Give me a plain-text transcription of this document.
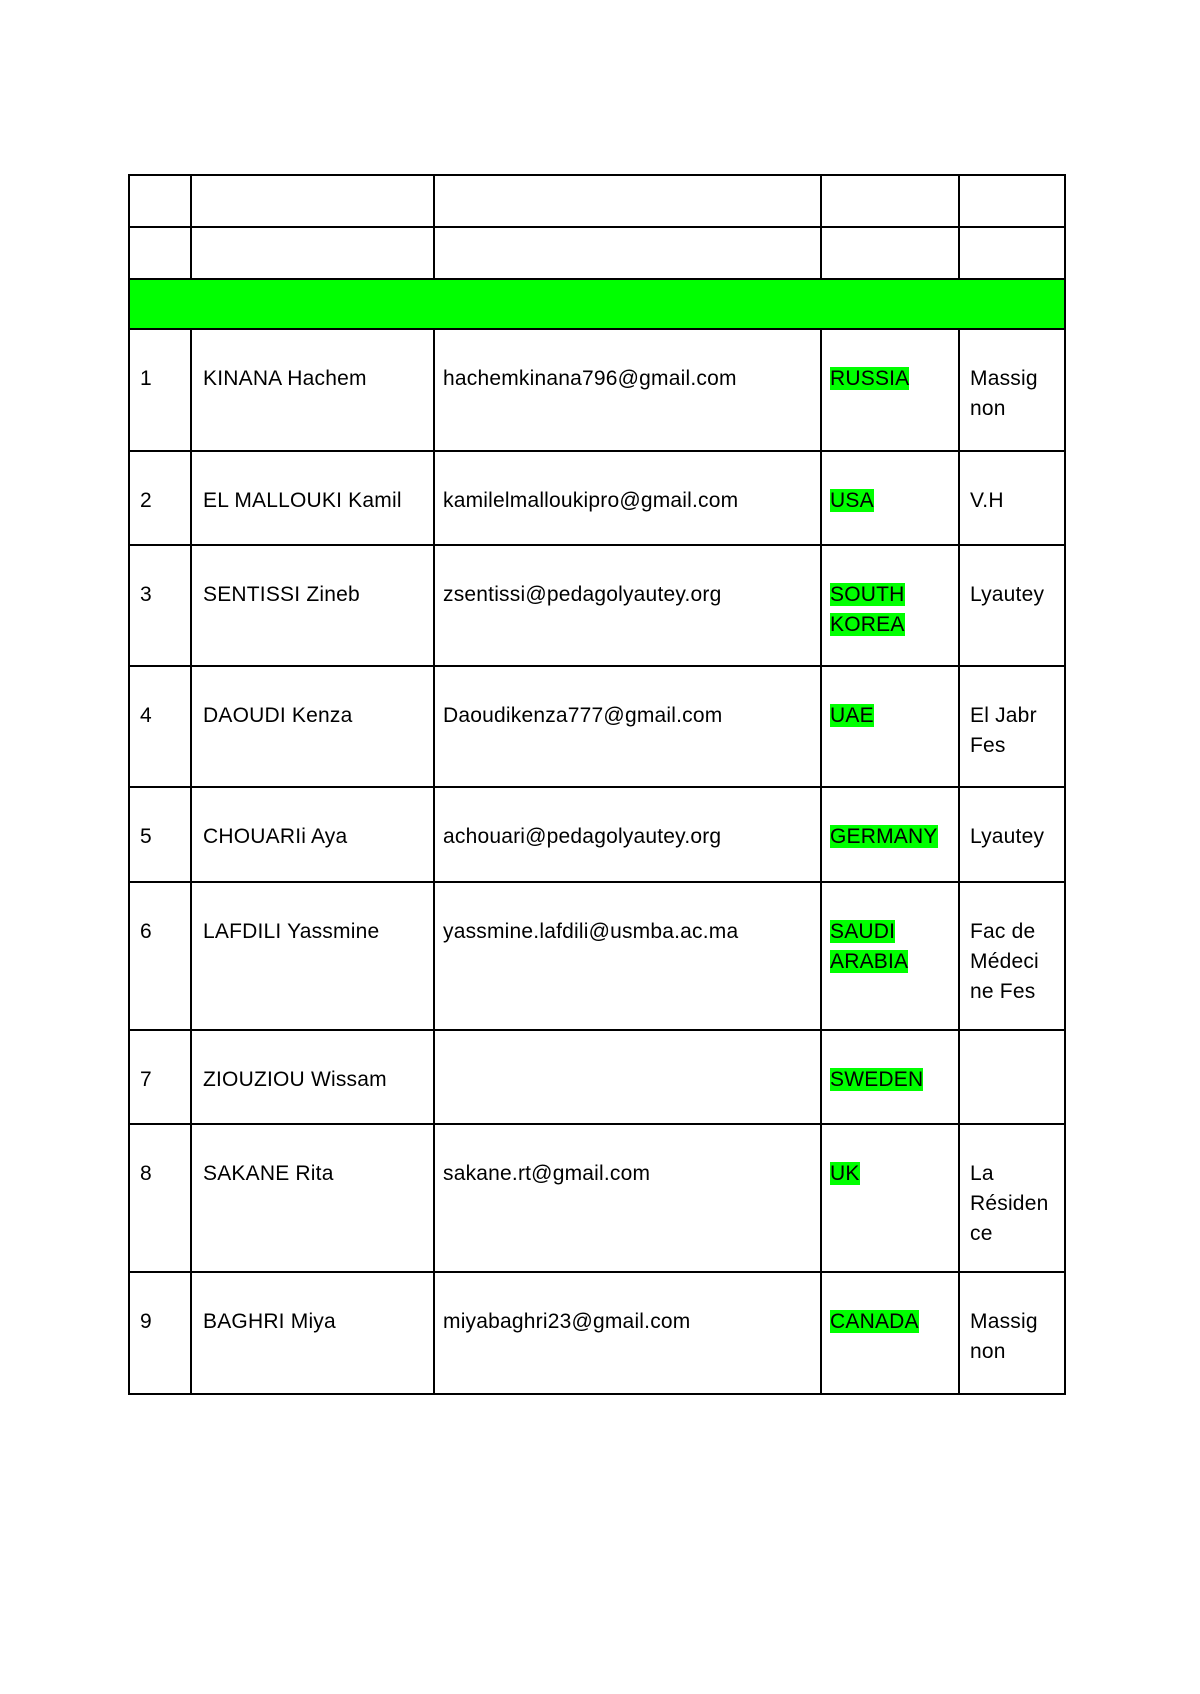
1	KINANA Hachem	hachemkinana796@gmail.com	RUSSIA	Massig non

2	EL MALLOUKI Kamil	kamilelmalloukipro@gmail.com	USA	V.H

3	SENTISSI Zineb	zsentissi@pedagolyautey.org	SOUTH KOREA	Lyautey

4	DAOUDI Kenza	Daoudikenza777@gmail.com	UAE	El Jabr Fes

5	CHOUARIi Aya	achouari@pedagolyautey.org	GERMANY	Lyautey

6	LAFDILI Yassmine	yassmine.lafdili@usmba.ac.ma	SAUDI ARABIA	Fac de Médeci ne Fes

7	ZIOUZIOU Wissam		SWEDEN	

8	SAKANE Rita	sakane.rt@gmail.com	UK	La Résiden ce

9	BAGHRI Miya	miyabaghri23@gmail.com	CANADA	Massig non
